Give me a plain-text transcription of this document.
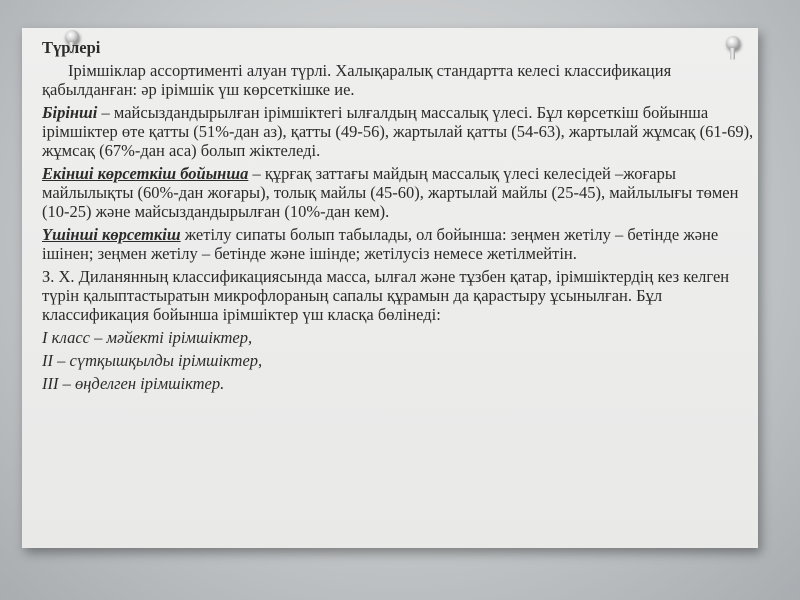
Түрлері

Ірімшіклар ассортименті алуан түрлі. Халықаралық стандартта келесі классификация қабылданған: әр ірімшік үш көрсеткішке ие.

Бірінші – майсыздандырылған ірімшіктегі ылғалдың массалық үлесі. Бұл көрсеткіш бойынша ірімшіктер өте қатты (51%-дан аз), қатты (49-56), жартылай қатты (54-63), жартылай жұмсақ (61-69), жұмсақ (67%-дан аса) болып жіктеледі.

Екінші көрсеткіш бойынша – құрғақ заттағы майдың массалық үлесі келесідей –жоғары майлылықты (60%-дан жоғары), толық майлы (45-60), жартылай майлы (25-45), майлылығы төмен (10-25) және майсыздандырылған (10%-дан кем).

Үшінші көрсеткіш жетілу сипаты болып табылады, ол бойынша: зеңмен жетілу – бетінде және ішінен; зеңмен жетілу – бетінде және ішінде; жетілусіз немесе жетілмейтін.

З. Х. Диланянның классификациясында масса, ылғал және тұзбен қатар, ірімшіктердің кез келген түрін қалыптастыратын микрофлораның сапалы құрамын да қарастыру ұсынылған. Бұл классификация бойынша ірімшіктер үш класқа бөлінеді:

I класс – мәйекті ірімшіктер,

II – сүтқышқылды ірімшіктер,

III – өңделген ірімшіктер.
